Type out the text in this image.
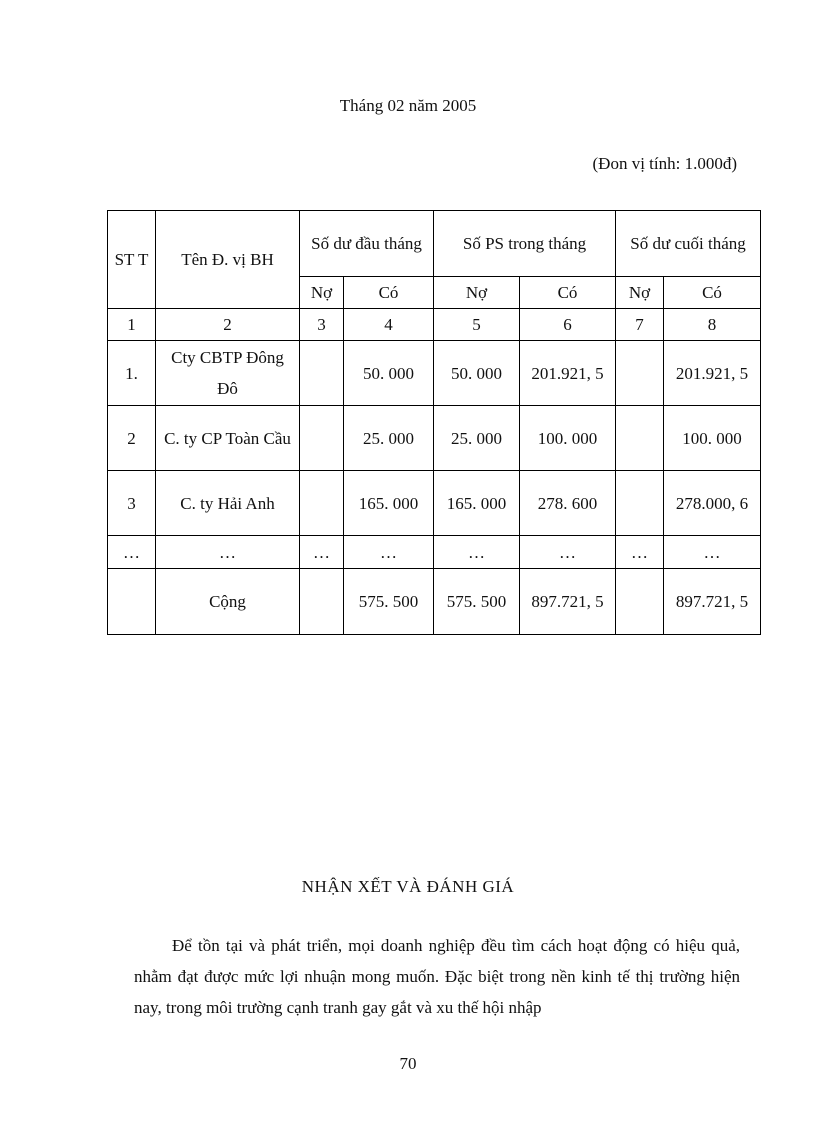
Tháng 02 năm 2005
(Đon vị tính: 1.000đ)
ST T	Tên Đ. vị BH	Số dư đầu tháng		Số PS trong tháng		Số dư cuối tháng	
		Nợ	Có	Nợ	Có	Nợ	Có
1	2	3	4	5	6	7	8
1.	Cty CBTP Đông Đô		50. 000	50. 000	201.921, 5		201.921, 5
2	C. ty CP Toàn Cầu		25. 000	25. 000	100. 000		100. 000
3	C. ty Hải Anh		165. 000	165. 000	278. 600		278.000, 6
…	…	…	…	…	…	…	…
	Cộng		575. 500	575. 500	897.721, 5		897.721, 5
NHẬN XẾT VÀ ĐÁNH GIÁ

Để tồn tại và phát triển, mọi doanh nghiệp đều tìm cách hoạt động có hiệu quả, nhằm đạt được mức lợi nhuận mong muốn. Đặc biệt trong nền kinh tế thị trường hiện nay, trong môi trường cạnh tranh gay gắt và xu thế hội nhập

70
